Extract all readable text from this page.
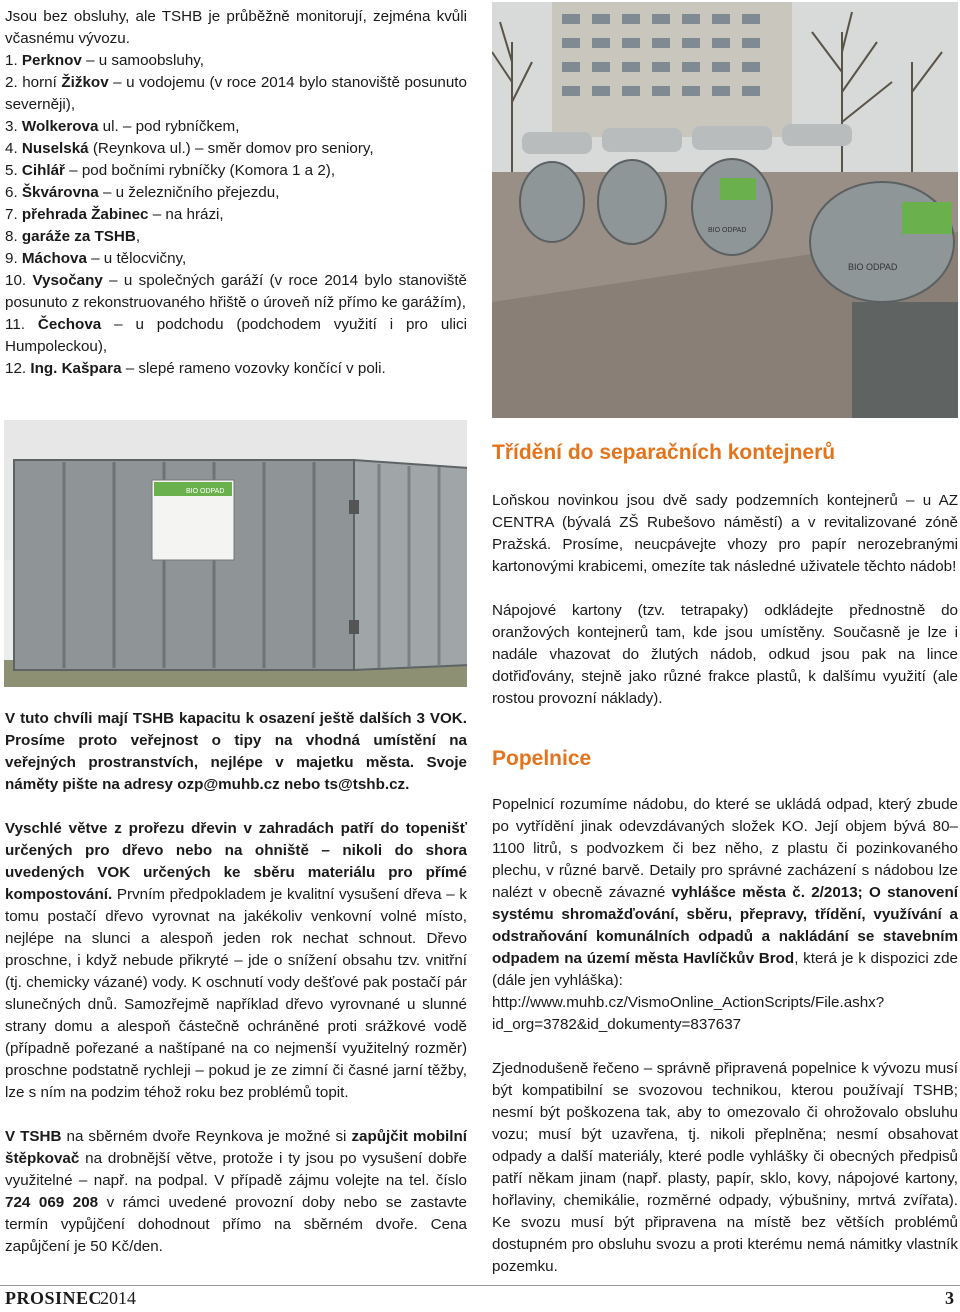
Jsou bez obsluhy, ale TSHB je průběžně monitorují, zejména kvůli včasnému vývozu.

1. Perknov – u samoobsluhy,

2. horní Žižkov – u vodojemu (v roce 2014 bylo stanoviště posunuto severněji),

3. Wolkerova ul. – pod rybníčkem,

4. Nuselská (Reynkova ul.) – směr domov pro seniory,

5. Cihlář – pod bočními rybníčky (Komora 1 a 2),

6. Škvárovna – u železničního přejezdu,

7. přehrada Žabinec – na hrázi,

8. garáže za TSHB,

9. Máchova – u tělocvičny,

10. Vysočany – u společných garáží (v roce 2014 bylo stanoviště posunuto z rekonstruovaného hřiště o úroveň níž přímo ke garážím),

11. Čechova – u podchodu (podchodem využití i pro ulici Humpoleckou),

12. Ing. Kašpara – slepé rameno vozovky končící v poli.

BIO ODPAD
BIO ODPAD
BIO ODPAD
Třídění do separačních kontejnerů

Loňskou novinkou jsou dvě sady podzemních kontejnerů – u AZ CENTRA (bývalá ZŠ Rubešovo náměstí) a v revitalizované zóně Pražská. Prosíme, neucpávejte vhozy pro papír nerozebranými kartonovými krabicemi, omezíte tak následné uživatele těchto nádob!

Nápojové kartony (tzv. tetrapaky) odkládejte přednostně do oranžových kontejnerů tam, kde jsou umístěny. Současně je lze i nadále vhazovat do žlutých nádob, odkud jsou pak na lince dotřiďovány, stejně jako různé frakce plastů, k dalšímu využití (ale rostou provozní náklady).

Popelnice

Popelnicí rozumíme nádobu, do které se ukládá odpad, který zbude po vytřídění jinak odevzdávaných složek KO. Její objem bývá 80–1100 litrů, s podvozkem či bez něho, z plastu či pozinkovaného plechu, v různé barvě. Detaily pro správné zacházení s nádobou lze nalézt v obecně závazné vyhlášce města č. 2/2013; O stanovení systému shromažďování, sběru, přepravy, třídění, využívání a odstraňování komunálních odpadů a nakládání se stavebním odpadem na území města Havlíčkův Brod, která je k dispozici zde (dále jen vyhláška):

http://www.muhb.cz/VismoOnline_ActionScripts/File.ashx?

id_org=3782&id_dokumenty=837637

Zjednodušeně řečeno – správně připravená popelnice k vývozu musí být kompatibilní se svozovou technikou, kterou používají TSHB; nesmí být poškozena tak, aby to omezovalo či ohrožovalo obsluhu vozu; musí být uzavřena, tj. nikoli přeplněna; nesmí obsahovat odpady a další materiály, které podle vyhlášky či obecných předpisů patří někam jinam (např. plasty, papír, sklo, kovy, nápojové kartony, hořlaviny, chemikálie, rozměrné odpady, výbušniny, mrtvá zvířata). Ke svozu musí být připravena na místě bez větších problémů dostupném pro obsluhu svozu a proti kterému nemá námitky vlastník pozemku.

V tuto chvíli mají TSHB kapacitu k osazení ještě dalších 3 VOK. Prosíme proto veřejnost o tipy na vhodná umístění na veřejných prostranstvích, nejlépe v majetku města. Svoje náměty pište na adresy ozp@muhb.cz nebo ts@tshb.cz.

Vyschlé větve z prořezu dřevin v zahradách patří do topenišť určených pro dřevo nebo na ohniště – nikoli do shora uvedených VOK určených ke sběru materiálu pro přímé kompostování. Prvním předpokladem je kvalitní vysušení dřeva – k tomu postačí dřevo vyrovnat na jakékoliv venkovní volné místo, nejlépe na slunci a alespoň jeden rok nechat schnout. Dřevo proschne, i když nebude přikryté – jde o snížení obsahu tzv. vnitřní (tj. chemicky vázané) vody. K oschnutí vody dešťové pak postačí pár slunečných dnů. Samozřejmě například dřevo vyrovnané u slunné strany domu a alespoň částečně ochráněné proti srážkové vodě (případně pořezané a naštípané na co nejmenší využitelný rozměr) proschne podstatně rychleji – pokud je ze zimní či časné jarní těžby, lze s ním na podzim téhož roku bez problémů topit.

V TSHB na sběrném dvoře Reynkova je možné si zapůjčit mobilní štěpkovač na drobnější větve, protože i ty jsou po vysušení dobře využitelné – např. na podpal. V případě zájmu volejte na tel. číslo 724 069 208 v rámci uvedené provozní doby nebo se zastavte termín vypůjčení dohodnout přímo na sběrném dvoře. Cena zapůjčení je 50 Kč/den.

PROSINEC
2014	3
